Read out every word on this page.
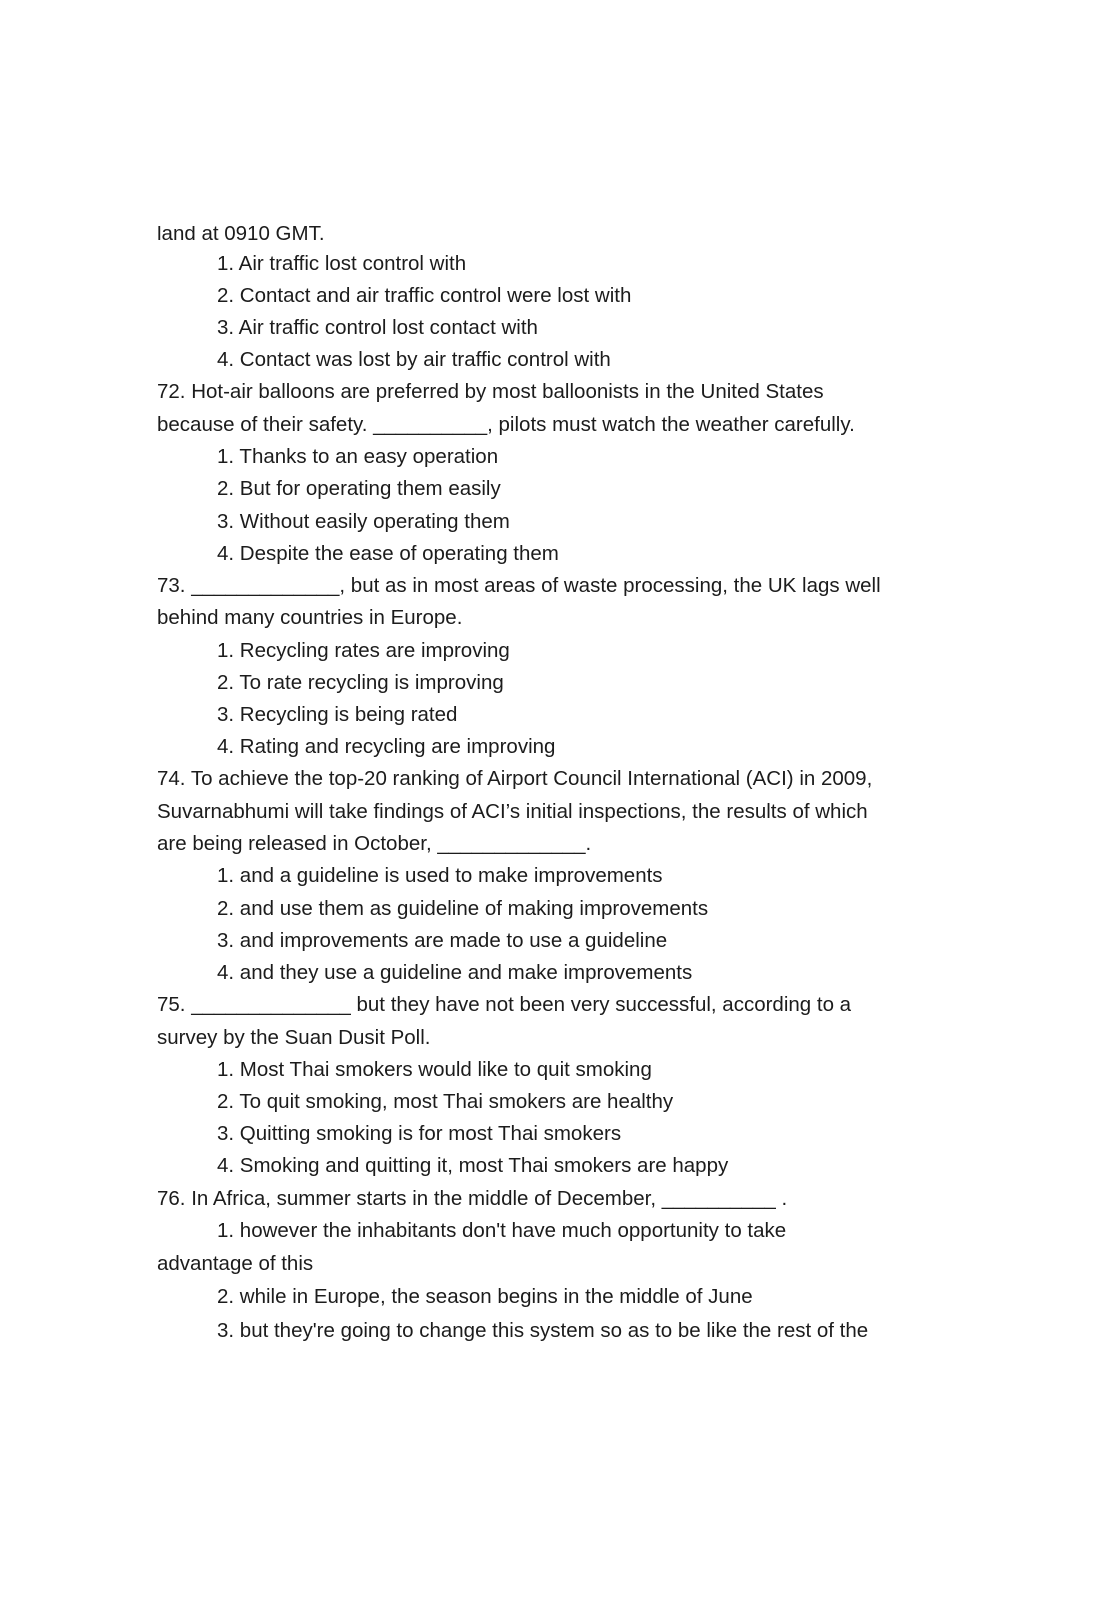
land at 0910 GMT.
1. Air traffic lost control with
2. Contact and air traffic control were lost with
3. Air traffic control lost contact with
4. Contact was lost by air traffic control with
72. Hot-air balloons are preferred by most balloonists in the United States
because of their safety. __________, pilots must watch the weather carefully.
1. Thanks to an easy operation
2. But for operating them easily
3. Without easily operating them
4. Despite the ease of operating them
73. _____________, but as in most areas of waste processing, the UK lags well
behind many countries in Europe.
1. Recycling rates are improving
2. To rate recycling is improving
3. Recycling is being rated
4. Rating and recycling are improving
74. To achieve the top-20 ranking of Airport Council International (ACI) in 2009,
Suvarnabhumi will take findings of ACI’s initial inspections, the results of which
are being released in October, _____________.
1. and a guideline is used to make improvements
2. and use them as guideline of making improvements
3. and improvements are made to use a guideline
4. and they use a guideline and make improvements
75. ______________ but they have not been very successful, according to a
survey by the Suan Dusit Poll.
1. Most Thai smokers would like to quit smoking
2. To quit smoking, most Thai smokers are healthy
3. Quitting smoking is for most Thai smokers
4. Smoking and quitting it, most Thai smokers are happy
76. In Africa, summer starts in the middle of December, __________ .
1. however the inhabitants don't have much opportunity to take
advantage of this
2. while in Europe, the season begins in the middle of June
3. but they're going to change this system so as to be like the rest of the
